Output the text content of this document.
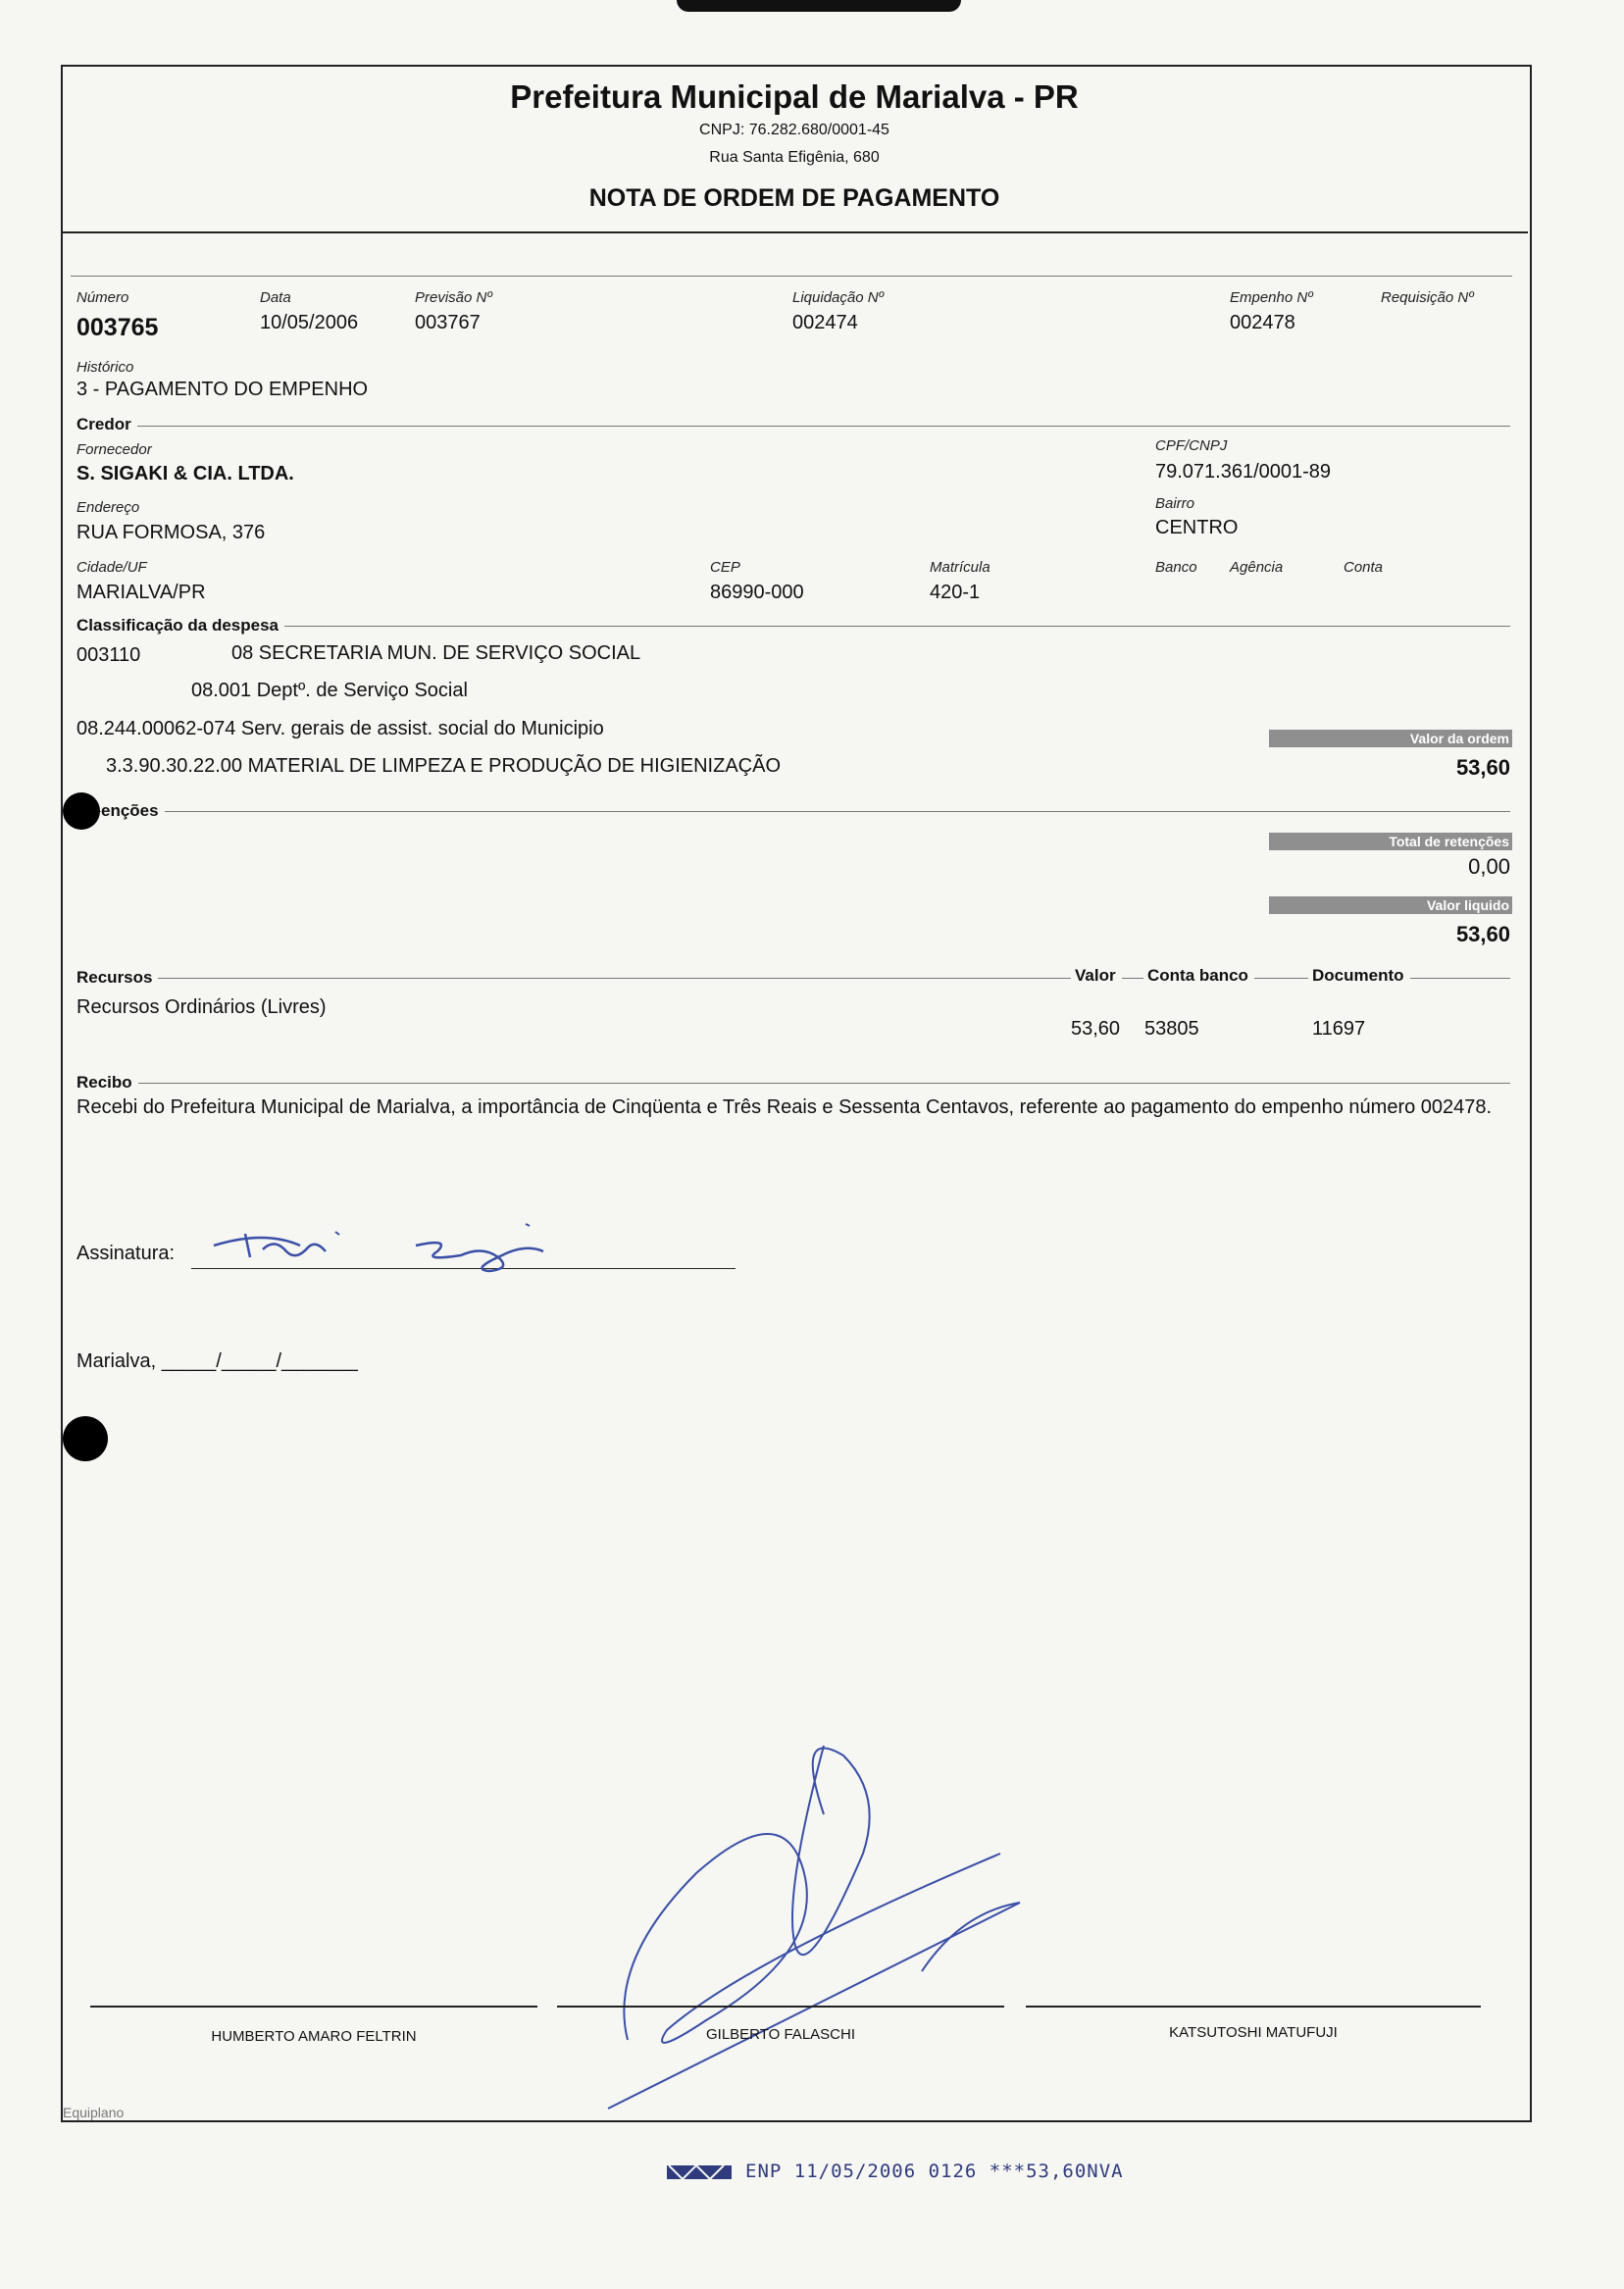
Prefeitura Municipal de Marialva - PR
CNPJ: 76.282.680/0001-45
Rua Santa Efigênia, 680
NOTA DE ORDEM DE PAGAMENTO
Número
003765
Data
10/05/2006
Previsão Nº
003767
Liquidação Nº
002474
Empenho Nº
002478
Requisição Nº
Histórico
3 - PAGAMENTO DO EMPENHO
Credor
Fornecedor
S. SIGAKI & CIA. LTDA.
CPF/CNPJ
79.071.361/0001-89
Endereço
RUA FORMOSA, 376
Bairro
CENTRO
Cidade/UF
MARIALVA/PR
CEP
86990-000
Matrícula
420-1
Banco Agência	Conta
Classificação da despesa
003110	08 SECRETARIA MUN. DE SERVIÇO SOCIAL
08.001 Deptº. de Serviço Social
08.244.00062-074 Serv. gerais de assist. social do Municipio
3.3.90.30.22.00 MATERIAL DE LIMPEZA E PRODUÇÃO DE HIGIENIZAÇÃO
Valor da ordem
53,60
enções
Total de retenções
0,00
Valor liquido
53,60
Recursos	Valor	Conta banco	Documento
Recursos Ordinários (Livres)
53,60 53805	11697
Recibo
Recebi do Prefeitura Municipal de Marialva, a importância de Cinqüenta e Três Reais e Sessenta Centavos, referente ao pagamento do empenho número 002478.
Assinatura:
Marialva, _____/_____/_______
HUMBERTO AMARO FELTRIN	GILBERTO FALASCHI	KATSUTOSHI MATUFUJI
Equiplano
ENP 11/05/2006 0126 ***53,60NVA
